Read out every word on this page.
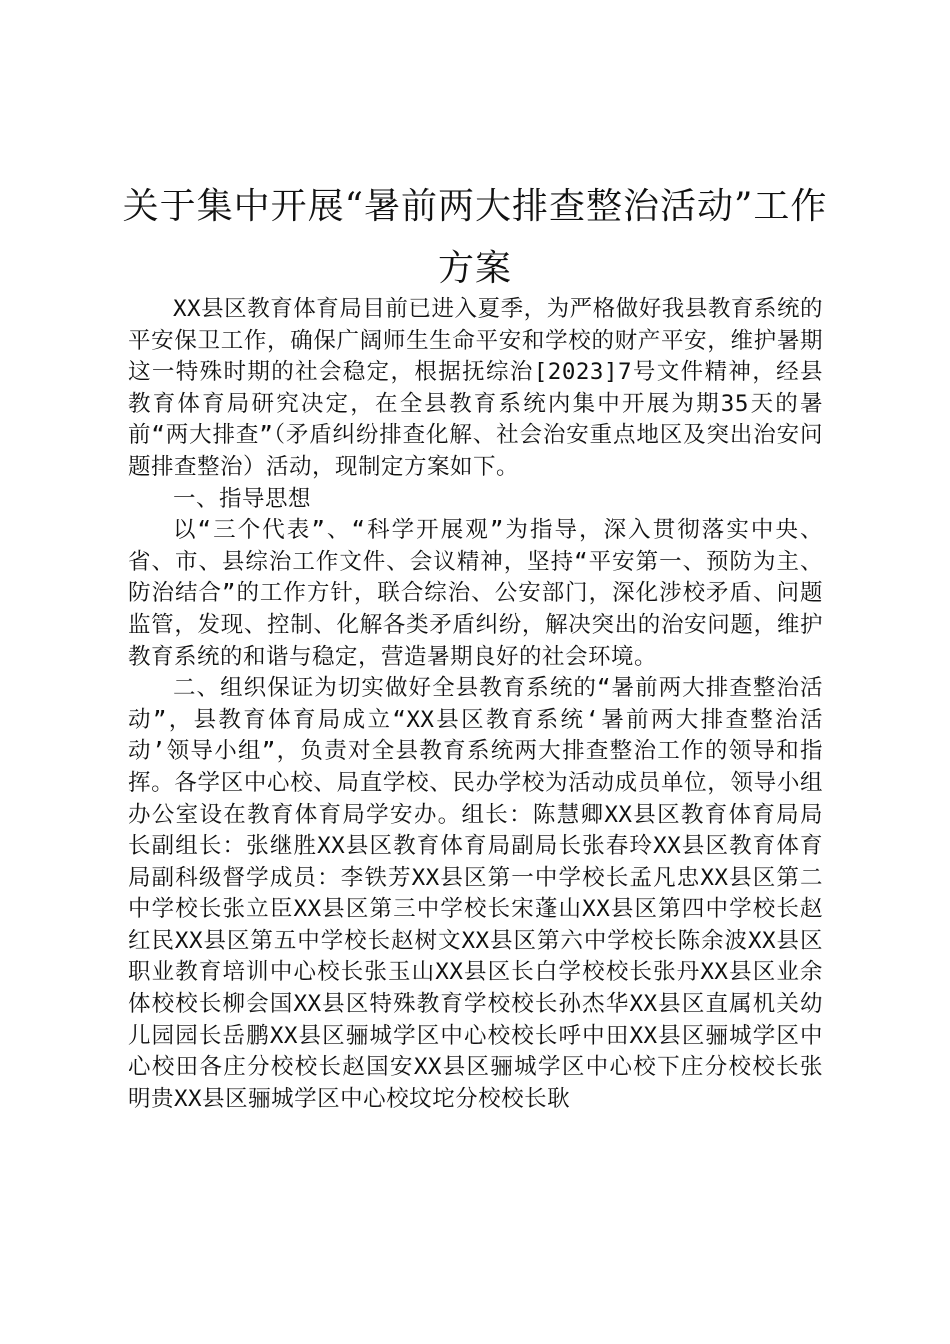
关于集中开展“暑前两大排查整治活动”工作
方案

XX县区教育体育局目前已进入夏季，为严格做好我县教育系统的平安保卫工作，确保广阔师生生命平安和学校的财产平安，维护暑期这一特殊时期的社会稳定，根据抚综治[2023]7号文件精神，经县教育体育局研究决定，在全县教育系统内集中开展为期35天的暑前“两大排查”（矛盾纠纷排查化解、社会治安重点地区及突出治安问题排查整治）活动，现制定方案如下。

一、指导思想

以“三个代表”、“科学开展观”为指导，深入贯彻落实中央、省、市、县综治工作文件、会议精神，坚持“平安第一、预防为主、防治结合”的工作方针，联合综治、公安部门，深化涉校矛盾、问题监管，发现、控制、化解各类矛盾纠纷，解决突出的治安问题，维护教育系统的和谐与稳定，营造暑期良好的社会环境。

二、组织保证为切实做好全县教育系统的“暑前两大排查整治活动”，县教育体育局成立“XX县区教育系统‘暑前两大排查整治活动’领导小组”，负责对全县教育系统两大排查整治工作的领导和指挥。各学区中心校、局直学校、民办学校为活动成员单位，领导小组办公室设在教育体育局学安办。组长：陈慧卿XX县区教育体育局局长副组长：张继胜XX县区教育体育局副局长张春玲XX县区教育体育局副科级督学成员：李铁芳XX县区第一中学校长孟凡忠XX县区第二中学校长张立臣XX县区第三中学校长宋蓬山XX县区第四中学校长赵红民XX县区第五中学校长赵树文XX县区第六中学校长陈余波XX县区职业教育培训中心校长张玉山XX县区长白学校校长张丹XX县区业余体校校长柳会国XX县区特殊教育学校校长孙杰华XX县区直属机关幼儿园园长岳鹏XX县区骊城学区中心校校长呼中田XX县区骊城学区中心校田各庄分校校长赵国安XX县区骊城学区中心校下庄分校校长张明贵XX县区骊城学区中心校坟坨分校校长耿
